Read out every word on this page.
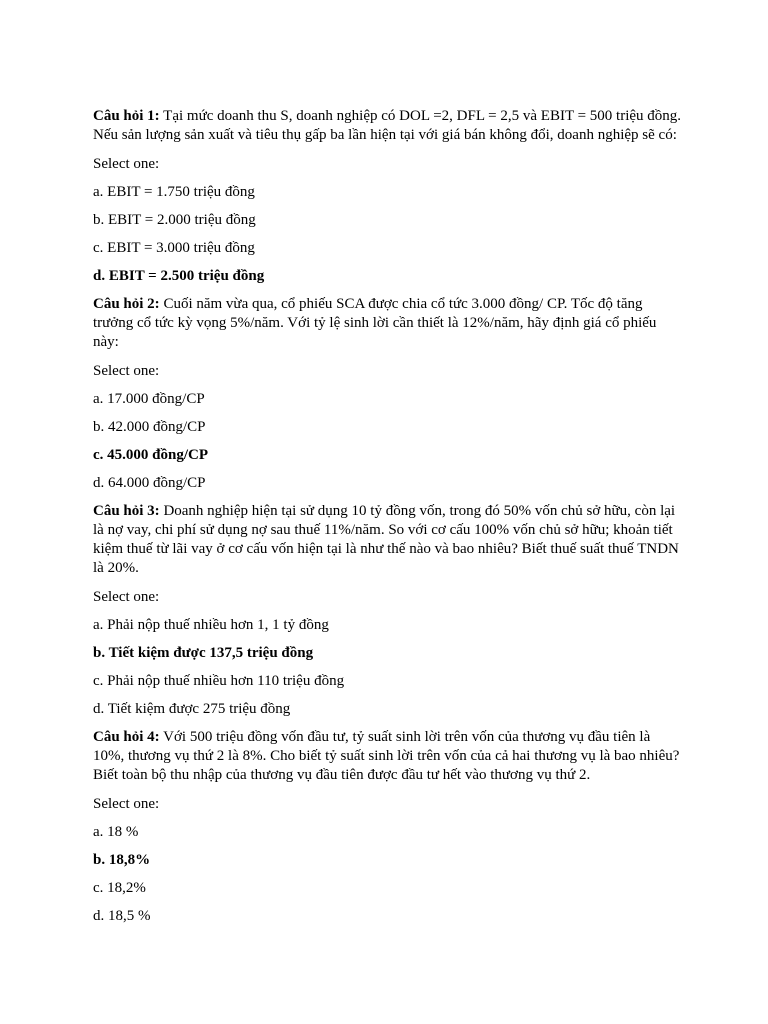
Câu hỏi 1: Tại mức doanh thu S, doanh nghiệp có DOL =2, DFL = 2,5 và EBIT = 500 triệu đồng. Nếu sản lượng sản xuất và tiêu thụ gấp ba lần hiện tại với giá bán không đổi, doanh nghiệp sẽ có:

Select one:

a. EBIT = 1.750 triệu đồng

b. EBIT = 2.000 triệu đồng

c. EBIT = 3.000 triệu đồng

d. EBIT = 2.500 triệu đồng

Câu hỏi 2: Cuối năm vừa qua, cổ phiếu SCA được chia cổ tức 3.000 đồng/ CP. Tốc độ tăng trưởng cổ tức kỳ vọng 5%/năm. Với tỷ lệ sinh lời cần thiết là 12%/năm, hãy định giá cổ phiếu này:

Select one:

a. 17.000 đồng/CP

b. 42.000 đồng/CP

c. 45.000 đồng/CP

d. 64.000 đồng/CP

Câu hỏi 3: Doanh nghiệp hiện tại sử dụng 10 tỷ đồng vốn, trong đó 50% vốn chủ sở hữu, còn lại là nợ vay, chi phí sử dụng nợ sau thuế 11%/năm. So với cơ cấu 100% vốn chủ sở hữu; khoản tiết kiệm thuế từ lãi vay ở cơ cấu vốn hiện tại là như thế nào và bao nhiêu? Biết thuế suất thuế TNDN là 20%.

Select one:

a. Phải nộp thuế nhiều hơn 1, 1 tỷ đồng

b. Tiết kiệm được 137,5 triệu đồng

c. Phải nộp thuế nhiều hơn 110 triệu đồng

d. Tiết kiệm được 275 triệu đồng

Câu hỏi 4: Với 500 triệu đồng vốn đầu tư, tỷ suất sinh lời trên vốn của thương vụ đầu tiên là 10%, thương vụ thứ 2 là 8%. Cho biết tỷ suất sinh lời trên vốn của cả hai thương vụ là bao nhiêu? Biết toàn bộ thu nhập của thương vụ đầu tiên được đầu tư hết vào thương vụ thứ 2.

Select one:

a. 18 %

b. 18,8%

c. 18,2%

d. 18,5 %
